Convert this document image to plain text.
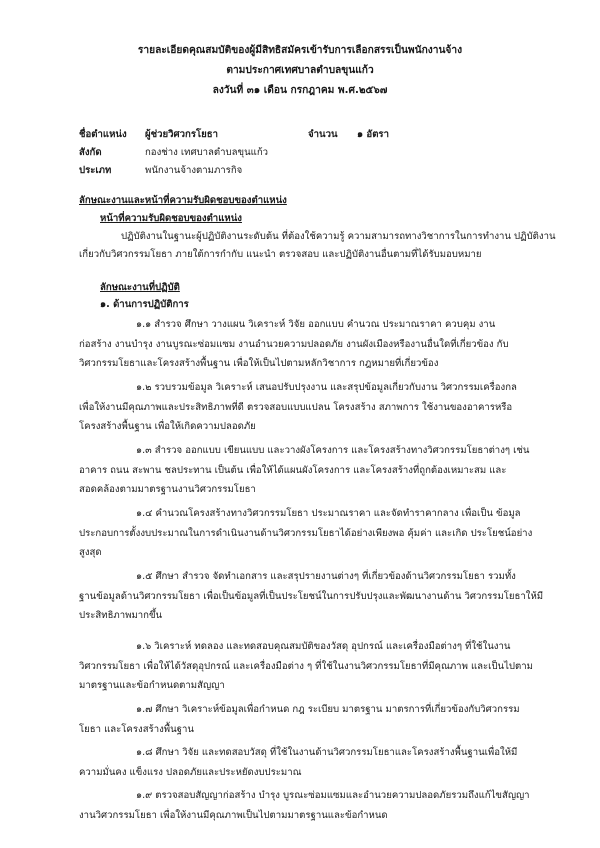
รายละเอียดคุณสมบัติของผู้มีสิทธิสมัครเข้ารับการเลือกสรรเป็นพนักงานจ้าง
ตามประกาศเทศบาลตำบลขุนแก้ว
ลงวันที่ ๓๑ เดือน กรกฎาคม พ.ศ.๒๕๖๗
ชื่อตำแหน่ง ผู้ช่วยวิศวกรโยธา	จำนวน ๑ อัตรา
สังกัด	กองช่าง เทศบาลตำบลขุนแก้ว
ประเภท	พนักงานจ้างตามภารกิจ
ลักษณะงานและหน้าที่ความรับผิดชอบของตำแหน่ง
หน้าที่ความรับผิดชอบของตำแหน่ง
ปฏิบัติงานในฐานะผู้ปฏิบัติงานระดับต้น ที่ต้องใช้ความรู้ ความสามารถทางวิชาการในการทำงาน ปฏิบัติงาน
เกี่ยวกับวิศวกรรมโยธา ภายใต้การกำกับ แนะนำ ตรวจสอบ และปฏิบัติงานอื่นตามที่ได้รับมอบหมาย
ลักษณะงานที่ปฏิบัติ
๑. ด้านการปฏิบัติการ
๑.๑ สำรวจ ศึกษา วางแผน วิเคราะห์ วิจัย ออกแบบ คำนวณ ประมาณราคา ควบคุม งาน
ก่อสร้าง งานบำรุง งานบูรณะซ่อมแซม งานอำนวยความปลอดภัย งานผังเมืองหรืองานอื่นใดที่เกี่ยวข้อง กับ
วิศวกรรมโยธาและโครงสร้างพื้นฐาน เพื่อให้เป็นไปตามหลักวิชาการ กฎหมายที่เกี่ยวข้อง
๑.๒ รวบรวมข้อมูล วิเคราะห์ เสนอปรับปรุงงาน และสรุปข้อมูลเกี่ยวกับงาน วิศวกรรมเครื่องกล
เพื่อให้งานมีคุณภาพและประสิทธิภาพที่ดี ตรวจสอบแบบแปลน โครงสร้าง สภาพการ ใช้งานของอาคารหรือ
โครงสร้างพื้นฐาน เพื่อให้เกิดความปลอดภัย
๑.๓ สำรวจ ออกแบบ เขียนแบบ และวางผังโครงการ และโครงสร้างทางวิศวกรรมโยธาต่างๆ เช่น
อาคาร ถนน สะพาน ชลประทาน เป็นต้น เพื่อให้ได้แผนผังโครงการ และโครงสร้างที่ถูกต้องเหมาะสม และ
สอดคล้องตามมาตรฐานงานวิศวกรรมโยธา
๑.๔ คำนวณโครงสร้างทางวิศวกรรมโยธา ประมาณราคา และจัดทำราคากลาง เพื่อเป็น ข้อมูล
ประกอบการตั้งงบประมาณในการดำเนินงานด้านวิศวกรรมโยธาได้อย่างเพียงพอ คุ้มค่า และเกิด ประโยชน์อย่าง
สูงสุด
๑.๕ ศึกษา สำรวจ จัดทำเอกสาร และสรุปรายงานต่างๆ ที่เกี่ยวข้องด้านวิศวกรรมโยธา รวมทั้ง
ฐานข้อมูลด้านวิศวกรรมโยธา เพื่อเป็นข้อมูลที่เป็นประโยชน์ในการปรับปรุงและพัฒนางานด้าน วิศวกรรมโยธาให้มี
ประสิทธิภาพมากขึ้น
๑.๖ วิเคราะห์ ทดลอง และทดสอบคุณสมบัติของวัสดุ อุปกรณ์ และเครื่องมือต่างๆ ที่ใช้ในงาน
วิศวกรรมโยธา เพื่อให้ได้วัสดุอุปกรณ์ และเครื่องมือต่าง ๆ ที่ใช้ในงานวิศวกรรมโยธาที่มีคุณภาพ และเป็นไปตาม
มาตรฐานและข้อกำหนดตามสัญญา
๑.๗ ศึกษา วิเคราะห์ข้อมูลเพื่อกำหนด กฎ ระเบียบ มาตรฐาน มาตรการที่เกี่ยวข้องกับวิศวกรรม
โยธา และโครงสร้างพื้นฐาน
๑.๘ ศึกษา วิจัย และทดสอบวัสดุ ที่ใช้ในงานด้านวิศวกรรมโยธาและโครงสร้างพื้นฐานเพื่อให้มี
ความมั่นคง แข็งแรง ปลอดภัยและประหยัดงบประมาณ
๑.๙ ตรวจสอบสัญญาก่อสร้าง บำรุง บูรณะซ่อมแซมและอำนวยความปลอดภัยรวมถึงแก้ไขสัญญา
งานวิศวกรรมโยธา เพื่อให้งานมีคุณภาพเป็นไปตามมาตรฐานและข้อกำหนด
